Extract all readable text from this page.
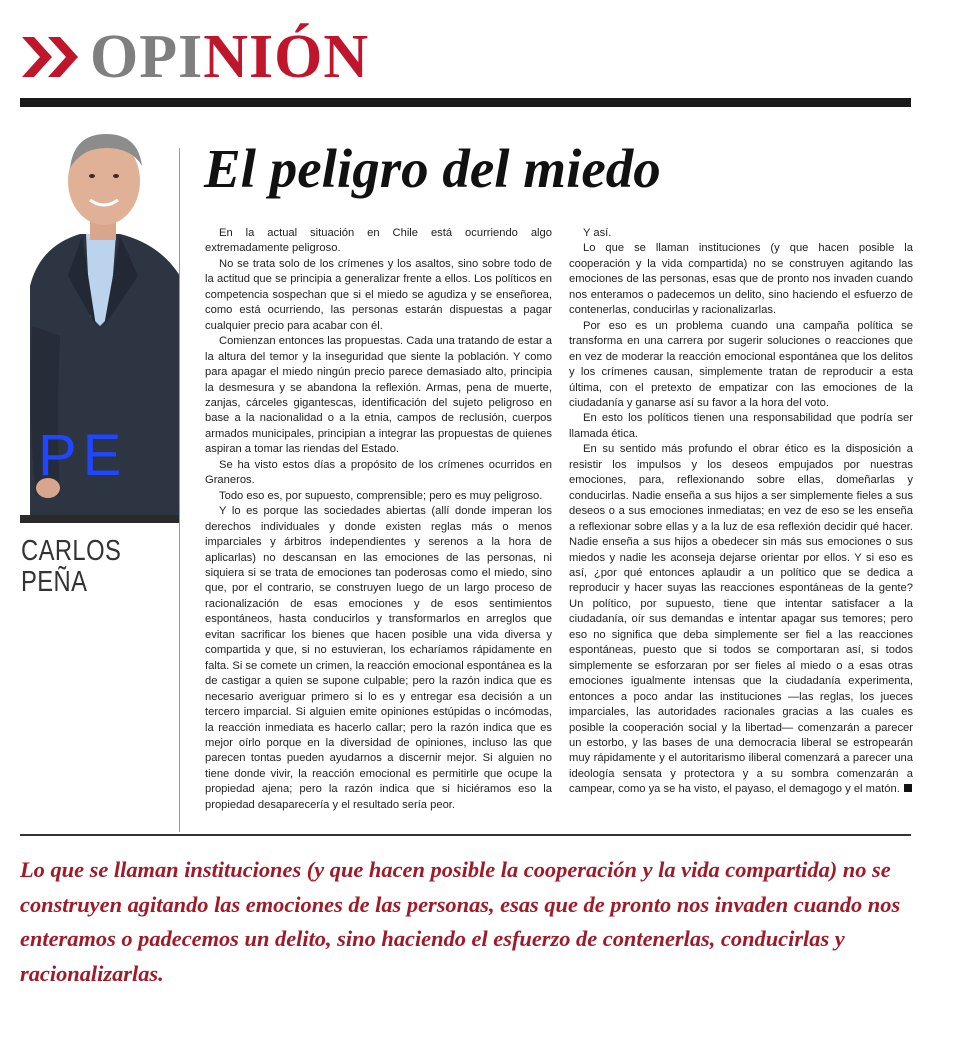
OPINIÓN
PE
CARLOS
PEÑA
El peligro del miedo

En la actual situación en Chile está ocurriendo algo extremadamente peligroso.

No se trata solo de los crímenes y los asaltos, sino sobre todo de la actitud que se principia a generalizar frente a ellos. Los políticos en competencia sospechan que si el miedo se agudiza y se enseñorea, como está ocurriendo, las personas estarán dispuestas a pagar cualquier precio para acabar con él.

Comienzan entonces las propuestas. Cada una tratando de estar a la altura del temor y la inseguridad que siente la población. Y como para apagar el miedo ningún precio parece demasiado alto, principia la desmesura y se abandona la reflexión. Armas, pena de muerte, zanjas, cárceles gigantescas, identificación del sujeto peligroso en base a la nacionalidad o a la etnia, campos de reclusión, cuerpos armados municipales, principian a integrar las propuestas de quienes aspiran a tomar las riendas del Estado.

Se ha visto estos días a propósito de los crímenes ocurridos en Graneros.

Todo eso es, por supuesto, comprensible; pero es muy peligroso.

Y lo es porque las sociedades abiertas (allí donde imperan los derechos individuales y donde existen reglas más o menos imparciales y árbitros independientes y serenos a la hora de aplicarlas) no descansan en las emociones de las personas, ni siquiera si se trata de emociones tan poderosas como el miedo, sino que, por el contrario, se construyen luego de un largo proceso de racionalización de esas emociones y de esos sentimientos espontáneos, hasta conducirlos y transformarlos en arreglos que evitan sacrificar los bienes que hacen posible una vida diversa y compartida y que, si no estuvieran, los echaríamos rápidamente en falta. Si se comete un crimen, la reacción emocional espontánea es la de castigar a quien se supone culpable; pero la razón indica que es necesario averiguar primero si lo es y entregar esa decisión a un tercero imparcial. Si alguien emite opiniones estúpidas o incómodas, la reacción inmediata es hacerlo callar; pero la razón indica que es mejor oírlo porque en la diversidad de opiniones, incluso las que parecen tontas pueden ayudarnos a discernir mejor. Si alguien no tiene donde vivir, la reacción emocional es permitirle que ocupe la propiedad ajena; pero la razón indica que si hiciéramos eso la propiedad desaparecería y el resultado sería peor.

Y así.

Lo que se llaman instituciones (y que hacen posible la cooperación y la vida compartida) no se construyen agitando las emociones de las personas, esas que de pronto nos invaden cuando nos enteramos o padecemos un delito, sino haciendo el esfuerzo de contenerlas, conducirlas y racionalizarlas.

Por eso es un problema cuando una campaña política se transforma en una carrera por sugerir soluciones o reacciones que en vez de moderar la reacción emocional espontánea que los delitos y los crímenes causan, simplemente tratan de reproducir a esta última, con el pretexto de empatizar con las emociones de la ciudadanía y ganarse así su favor a la hora del voto.

En esto los políticos tienen una responsabilidad que podría ser llamada ética.

En su sentido más profundo el obrar ético es la disposición a resistir los impulsos y los deseos empujados por nuestras emociones, para, reflexionando sobre ellas, domeñarlas y conducirlas. Nadie enseña a sus hijos a ser simplemente fieles a sus deseos o a sus emociones inmediatas; en vez de eso se les enseña a reflexionar sobre ellas y a la luz de esa reflexión decidir qué hacer. Nadie enseña a sus hijos a obedecer sin más sus emociones o sus miedos y nadie les aconseja dejarse orientar por ellos. Y si eso es así, ¿por qué entonces aplaudir a un político que se dedica a reproducir y hacer suyas las reacciones espontáneas de la gente? Un político, por supuesto, tiene que intentar satisfacer a la ciudadanía, oír sus demandas e intentar apagar sus temores; pero eso no significa que deba simplemente ser fiel a las reacciones espontáneas, puesto que si todos se comportaran así, si todos simplemente se esforzaran por ser fieles al miedo o a esas otras emociones igualmente intensas que la ciudadanía experimenta, entonces a poco andar las instituciones —las reglas, los jueces imparciales, las autoridades racionales gracias a las cuales es posible la cooperación social y la libertad— comenzarán a parecer un estorbo, y las bases de una democracia liberal se estropearán muy rápidamente y el autoritarismo iliberal comenzará a parecer una ideología sensata y protectora y a su sombra comenzarán a campear, como ya se ha visto, el payaso, el demagogo y el matón.

Lo que se llaman instituciones (y que hacen posible la cooperación y la vida compartida) no se construyen agitando las emociones de las personas, esas que de pronto nos invaden cuando nos enteramos o padecemos un delito, sino haciendo el esfuerzo de contenerlas, conducirlas y racionalizarlas.
